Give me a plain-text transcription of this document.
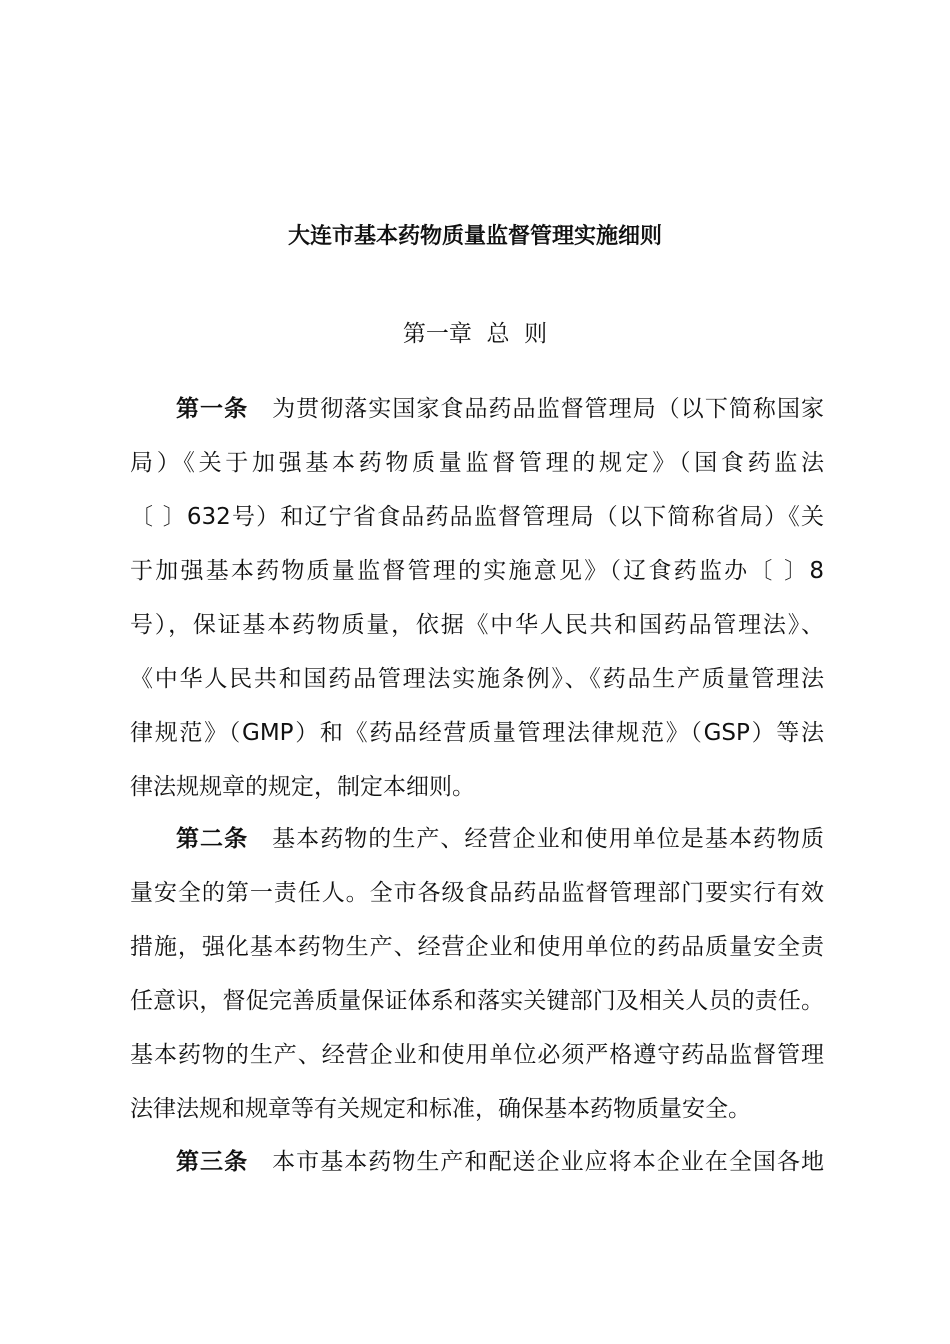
大连市基本药物质量监督管理实施细则
第一章  总  则
第一条 为贯彻落实国家食品药品监督管理局（以下简称国家
局）《关于加强基本药物质量监督管理的规定》（国食药监法
〔 〕632号）和辽宁省食品药品监督管理局（以下简称省局）《关
于加强基本药物质量监督管理的实施意见》（辽食药监办〔 〕8
号），保证基本药物质量，依据《中华人民共和国药品管理法》、
《中华人民共和国药品管理法实施条例》、《药品生产质量管理法
律规范》（GMP）和《药品经营质量管理法律规范》（GSP）等法
律法规规章的规定，制定本细则。
第二条 基本药物的生产、经营企业和使用单位是基本药物质
量安全的第一责任人。全市各级食品药品监督管理部门要实行有效
措施，强化基本药物生产、经营企业和使用单位的药品质量安全责
任意识，督促完善质量保证体系和落实关键部门及相关人员的责任。
基本药物的生产、经营企业和使用单位必须严格遵守药品监督管理
法律法规和规章等有关规定和标准，确保基本药物质量安全。
第三条 本市基本药物生产和配送企业应将本企业在全国各地
